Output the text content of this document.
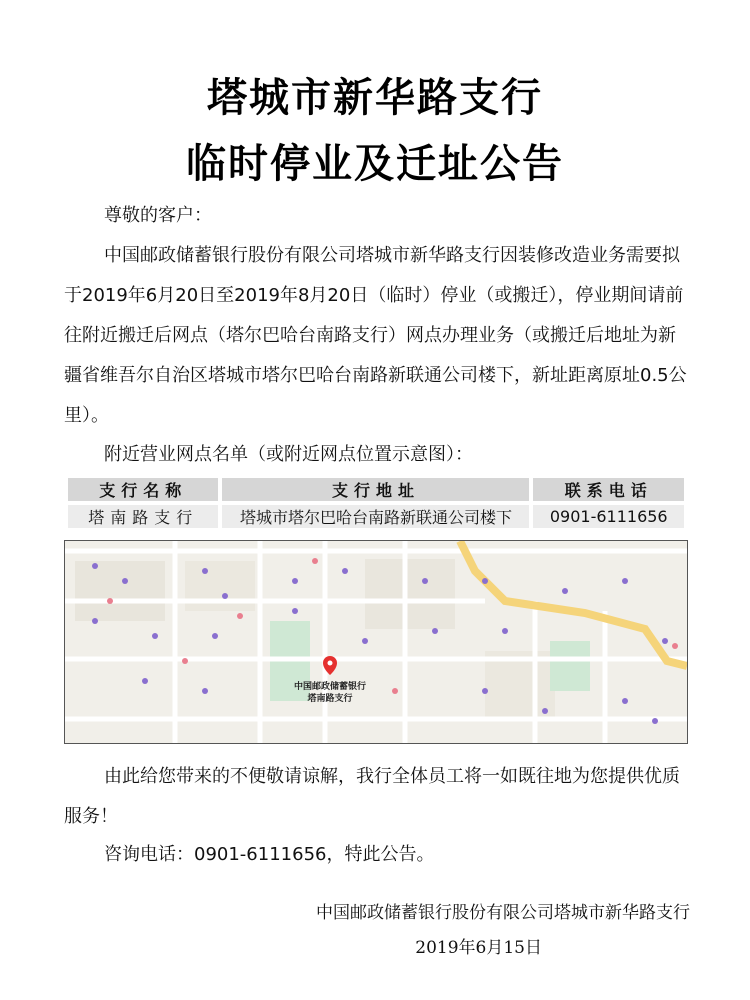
塔城市新华路支行
临时停业及迁址公告
尊敬的客户：
中国邮政储蓄银行股份有限公司塔城市新华路支行因装修改造业务需要拟于2019年6月20日至2019年8月20日（临时）停业（或搬迁），停业期间请前往附近搬迁后网点（塔尔巴哈台南路支行）网点办理业务（或搬迁后地址为新疆省维吾尔自治区塔城市塔尔巴哈台南路新联通公司楼下，新址距离原址0.5公里）。
附近营业网点名单（或附近网点位置示意图）：
支行名称	支行地址	联系电话
塔南路支行	塔城市塔尔巴哈台南路新联通公司楼下	0901-6111656
中国邮政储蓄银行
塔南路支行
由此给您带来的不便敬请谅解，我行全体员工将一如既往地为您提供优质服务！
咨询电话：0901-6111656，特此公告。
中国邮政储蓄银行股份有限公司塔城市新华路支行
2019年6月15日
